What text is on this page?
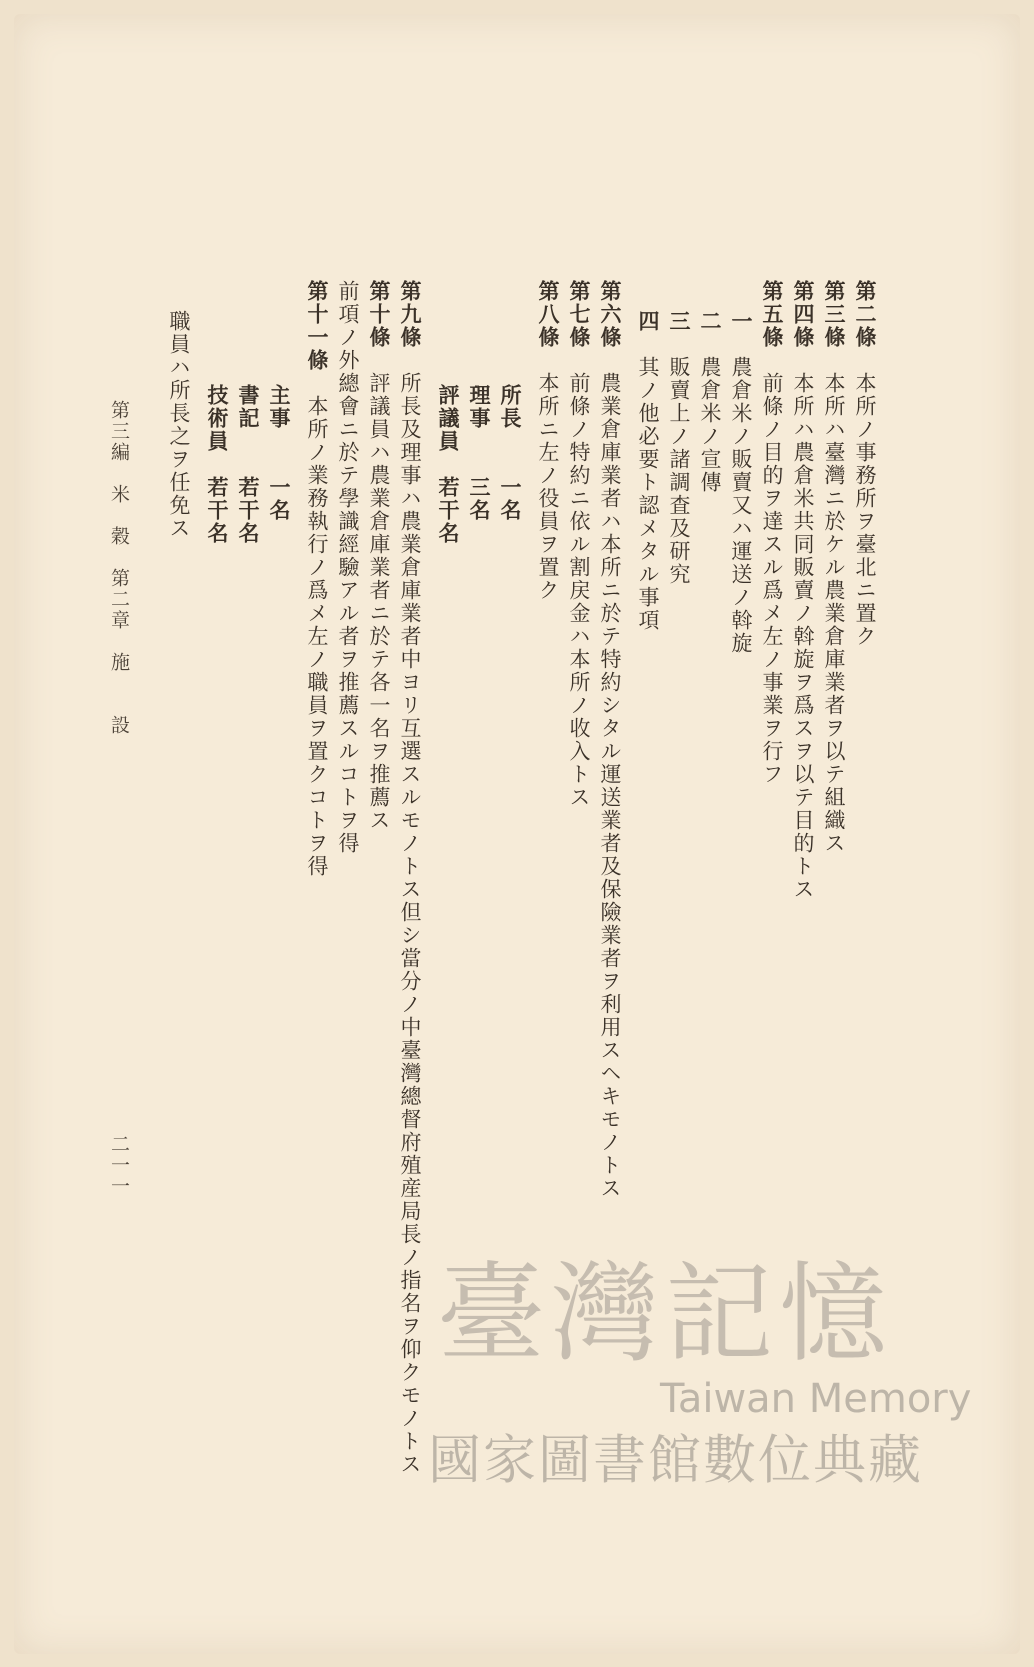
第二條　本所ノ事務所ヲ臺北ニ置ク
第三條　本所ハ臺灣ニ於ケル農業倉庫業者ヲ以テ組織ス
第四條　本所ハ農倉米共同販賣ノ斡旋ヲ爲スヲ以テ目的トス
第五條　前條ノ目的ヲ達スル爲メ左ノ事業ヲ行フ
一　農倉米ノ販賣又ハ運送ノ斡旋
二　農倉米ノ宣傳
三　販賣上ノ諸調査及研究
四　其ノ他必要ト認メタル事項
第六條　農業倉庫業者ハ本所ニ於テ特約シタル運送業者及保險業者ヲ利用スヘキモノトス
第七條　前條ノ特約ニ依ル割戻金ハ本所ノ收入トス
第八條　本所ニ左ノ役員ヲ置ク
所長　　一名
理事　　三名
評議員　若干名
第九條　所長及理事ハ農業倉庫業者中ヨリ互選スルモノトス但シ當分ノ中臺灣總督府殖産局長ノ指名ヲ仰クモノトス
第十條　評議員ハ農業倉庫業者ニ於テ各一名ヲ推薦ス
前項ノ外總會ニ於テ學識經驗アル者ヲ推薦スルコトヲ得
第十一條　本所ノ業務執行ノ爲メ左ノ職員ヲ置クコトヲ得
主事　　一名
書記　　若干名
技術員　若干名
職員ハ所長之ヲ任免ス
第三編　米　穀　第二章　施　　設
二一一
臺灣記憶
Taiwan Memory
國家圖書館數位典藏
